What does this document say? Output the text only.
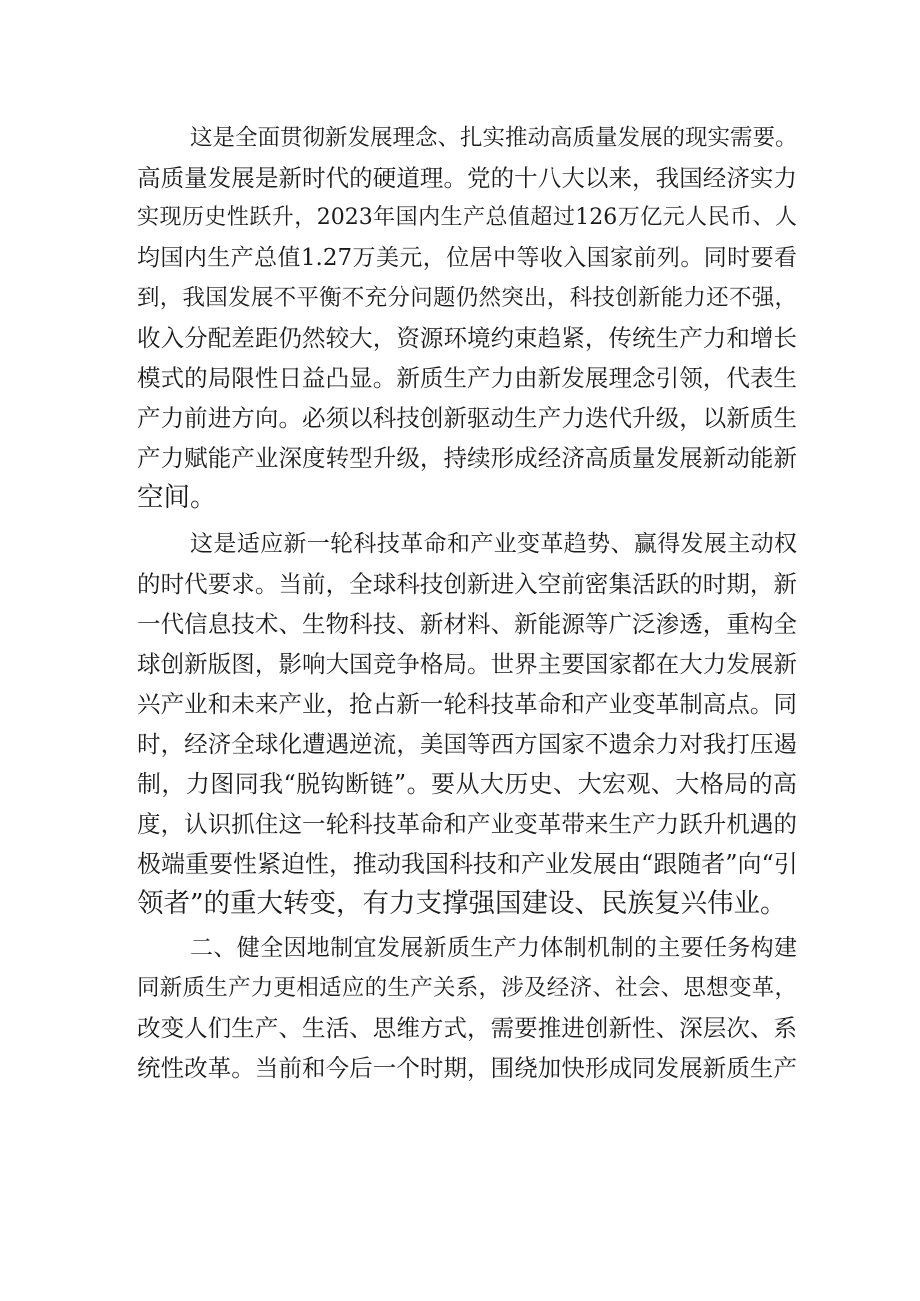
这是全面贯彻新发展理念、扎实推动高质量发展的现实需要。
高质量发展是新时代的硬道理。党的十八大以来，我国经济实力
实现历史性跃升，2023年国内生产总值超过126万亿元人民币、人
均国内生产总值1.27万美元，位居中等收入国家前列。同时要看
到，我国发展不平衡不充分问题仍然突出，科技创新能力还不强，
收入分配差距仍然较大，资源环境约束趋紧，传统生产力和增长
模式的局限性日益凸显。新质生产力由新发展理念引领，代表生
产力前进方向。必须以科技创新驱动生产力迭代升级，以新质生
产力赋能产业深度转型升级，持续形成经济高质量发展新动能新
空间。
这是适应新一轮科技革命和产业变革趋势、赢得发展主动权
的时代要求。当前，全球科技创新进入空前密集活跃的时期，新
一代信息技术、生物科技、新材料、新能源等广泛渗透，重构全
球创新版图，影响大国竞争格局。世界主要国家都在大力发展新
兴产业和未来产业，抢占新一轮科技革命和产业变革制高点。同
时，经济全球化遭遇逆流，美国等西方国家不遗余力对我打压遏
制，力图同我“脱钩断链”。要从大历史、大宏观、大格局的高
度，认识抓住这一轮科技革命和产业变革带来生产力跃升机遇的
极端重要性紧迫性，推动我国科技和产业发展由“跟随者”向“引
领者”的重大转变，有力支撑强国建设、民族复兴伟业。
二、健全因地制宜发展新质生产力体制机制的主要任务构建
同新质生产力更相适应的生产关系，涉及经济、社会、思想变革，
改变人们生产、生活、思维方式，需要推进创新性、深层次、系
统性改革。当前和今后一个时期，围绕加快形成同发展新质生产
